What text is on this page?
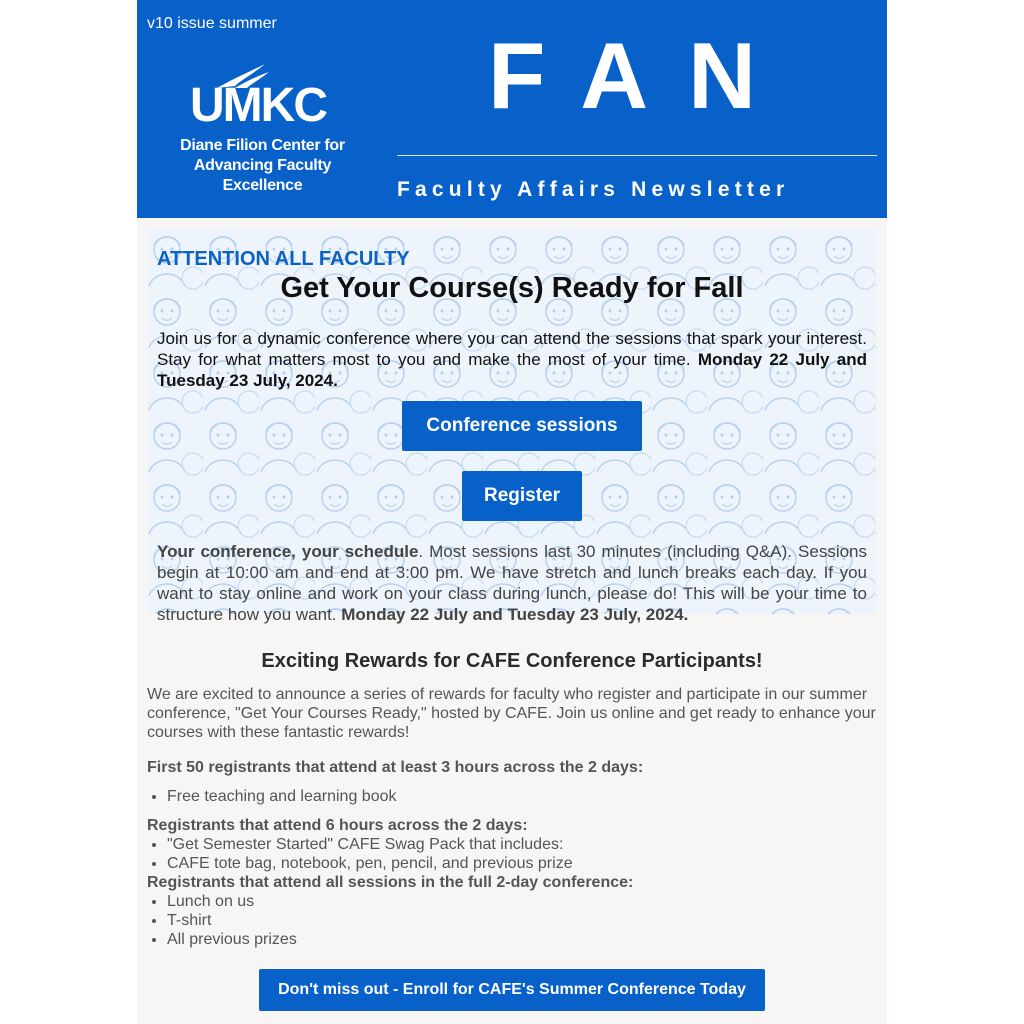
v10 issue summer
UMKC
Diane Filion Center for
Advancing Faculty Excellence
FAN
Faculty Affairs Newsletter
ATTENTION ALL FACULTY
Get Your Course(s) Ready for Fall
Join us for a dynamic conference where you can attend the sessions that spark your interest. Stay for what matters most to you and make the most of your time. Monday 22 July and Tuesday 23 July, 2024.
Conference sessions
Register
Your conference, your schedule. Most sessions last 30 minutes (including Q&A). Sessions begin at 10:00 am and end at 3:00 pm. We have stretch and lunch breaks each day. If you want to stay online and work on your class during lunch, please do! This will be your time to structure how you want. Monday 22 July and Tuesday 23 July, 2024.
Exciting Rewards for CAFE Conference Participants!
We are excited to announce a series of rewards for faculty who register and participate in our summer conference, "Get Your Courses Ready," hosted by CAFE. Join us online and get ready to enhance your courses with these fantastic rewards!
First 50 registrants that attend at least 3 hours across the 2 days:
• Free teaching and learning book
Registrants that attend 6 hours across the 2 days:
• "Get Semester Started" CAFE Swag Pack that includes:
• CAFE tote bag, notebook, pen, pencil, and previous prize
Registrants that attend all sessions in the full 2-day conference:
• Lunch on us
• T-shirt
• All previous prizes
Don't miss out - Enroll for CAFE's Summer Conference Today
